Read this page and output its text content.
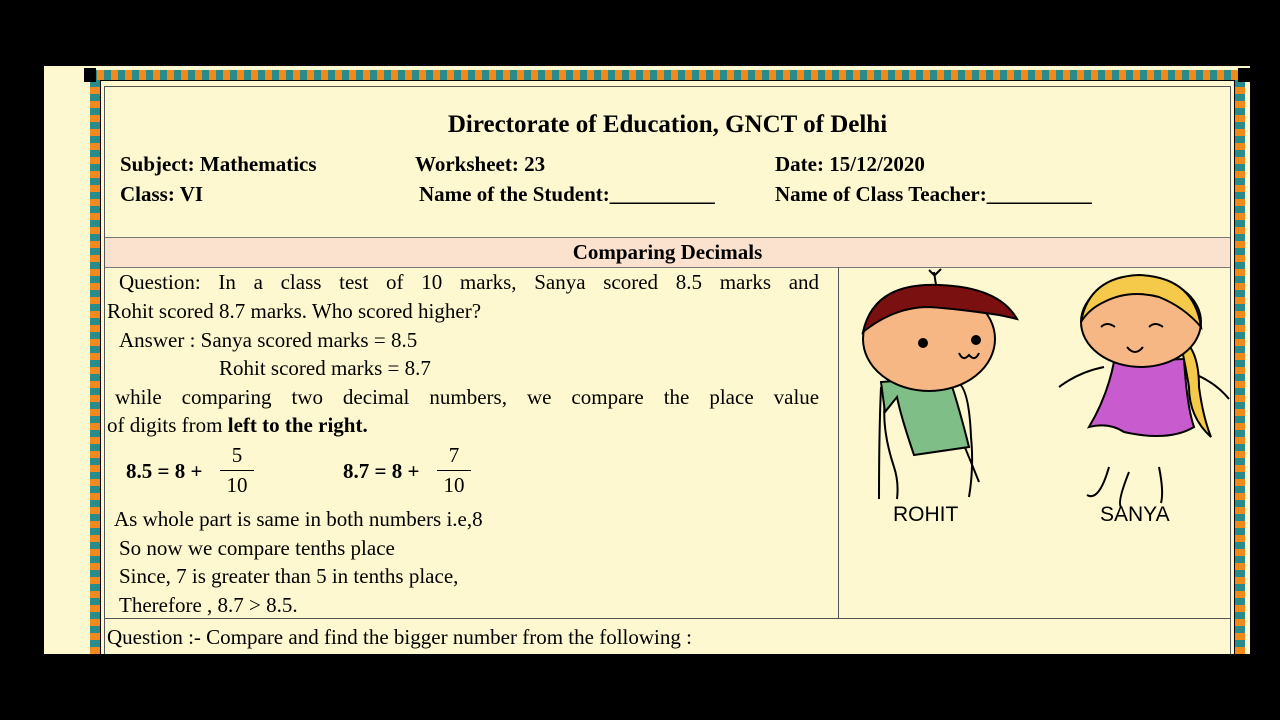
Directorate of Education, GNCT of Delhi
Subject: Mathematics	Worksheet: 23	Date: 15/12/2020
Class: VI	Name of the Student:__________	Name of Class Teacher:__________
Comparing Decimals
Question: In a class test of 10 marks, Sanya scored 8.5 marks and
Rohit scored 8.7 marks. Who scored higher?
Answer : Sanya scored marks = 8.5
Rohit scored marks = 8.7
while comparing two decimal numbers, we compare the place value
of digits from left to the right.
$8.5 = 8 + \frac{5}{10}$	$8.7 = 8 + \frac{7}{10}$
As whole part is same in both numbers i.e,8
So now we compare tenths place
Since, 7 is greater than 5 in tenths place,
Therefore , 8.7 > 8.5.
ROHIT	SANYA
Question :- Compare and find the bigger number from the following :
